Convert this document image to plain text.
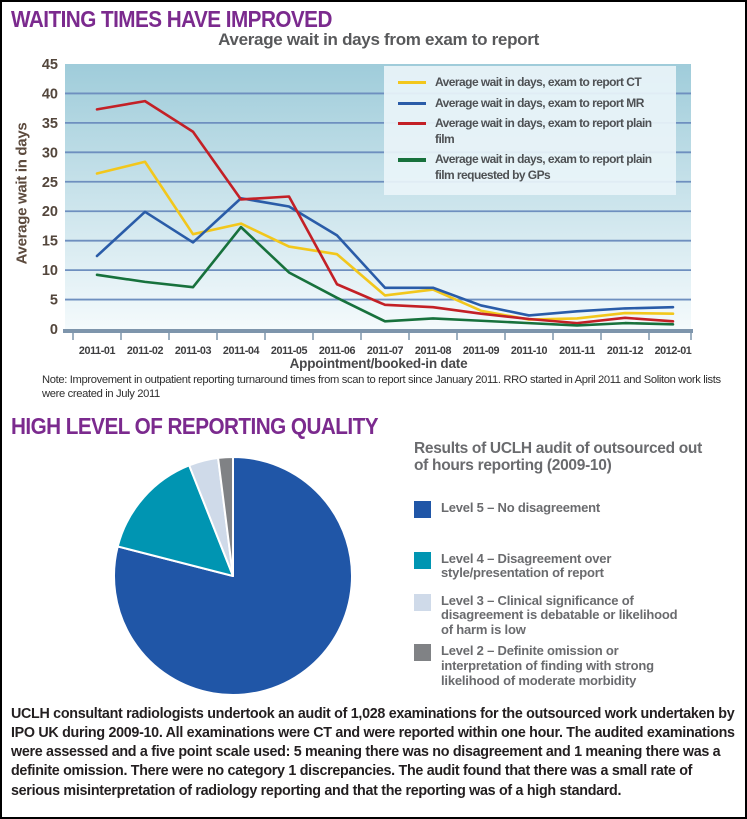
WAITING TIMES HAVE IMPROVED
Average wait in days from exam to report
Average wait in days
0
5
10
15
20
25
30
35
40
45
2011-01 2011-02 2011-03 2011-04 2011-05 2011-06 2011-07 2011-08 2011-09 2011-10 2011-11 2011-12 2012-01
Average wait in days, exam to report CT
Average wait in days, exam to report MR
Average wait in days, exam to report plain film
Average wait in days, exam to report plain film requested by GPs
Appointment/booked-in date
Note: Improvement in outpatient reporting turnaround times from scan to report since January 2011. RRO started in April 2011 and Soliton work lists were created in July 2011
HIGH LEVEL OF REPORTING QUALITY
Results of UCLH audit of outsourced out of hours reporting (2009-10)
Level 5 – No disagreement
Level 4 – Disagreement over style/presentation of report
Level 3 – Clinical significance of disagreement is debatable or likelihood of harm is low
Level 2 – Definite omission or interpretation of finding with strong likelihood of moderate morbidity
UCLH consultant radiologists undertook an audit of 1,028 examinations for the outsourced work undertaken by IPO UK during 2009-10. All examinations were CT and were reported within one hour. The audited examinations were assessed and a five point scale used: 5 meaning there was no disagreement and 1 meaning there was a definite omission. There were no category 1 discrepancies. The audit found that there was a small rate of serious misinterpretation of radiology reporting and that the reporting was of a high standard.
